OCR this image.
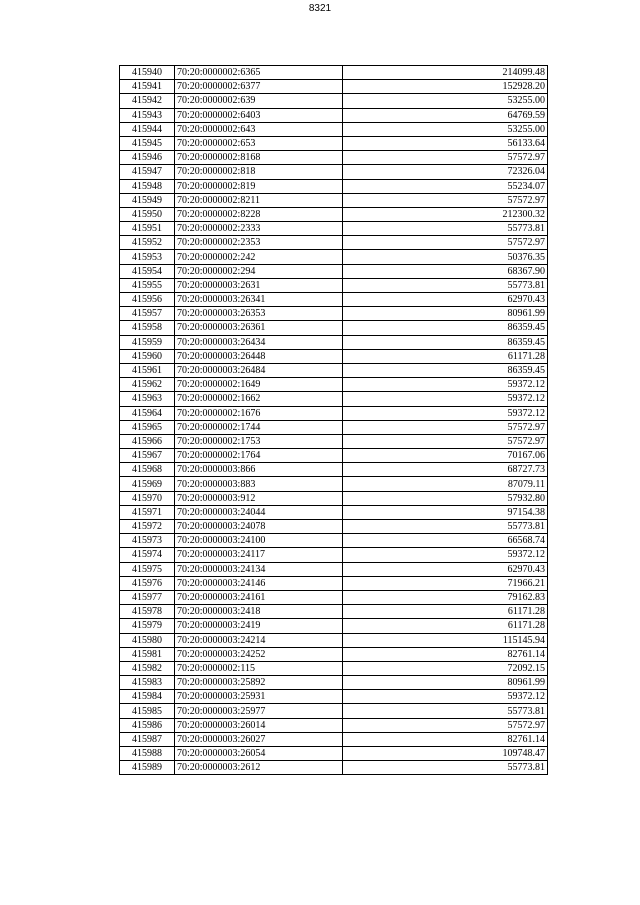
8321
415940	70:20:0000002:6365	214099.48
415941	70:20:0000002:6377	152928.20
415942	70:20:0000002:639	53255.00
415943	70:20:0000002:6403	64769.59
415944	70:20:0000002:643	53255.00
415945	70:20:0000002:653	56133.64
415946	70:20:0000002:8168	57572.97
415947	70:20:0000002:818	72326.04
415948	70:20:0000002:819	55234.07
415949	70:20:0000002:8211	57572.97
415950	70:20:0000002:8228	212300.32
415951	70:20:0000002:2333	55773.81
415952	70:20:0000002:2353	57572.97
415953	70:20:0000002:242	50376.35
415954	70:20:0000002:294	68367.90
415955	70:20:0000003:2631	55773.81
415956	70:20:0000003:26341	62970.43
415957	70:20:0000003:26353	80961.99
415958	70:20:0000003:26361	86359.45
415959	70:20:0000003:26434	86359.45
415960	70:20:0000003:26448	61171.28
415961	70:20:0000003:26484	86359.45
415962	70:20:0000002:1649	59372.12
415963	70:20:0000002:1662	59372.12
415964	70:20:0000002:1676	59372.12
415965	70:20:0000002:1744	57572.97
415966	70:20:0000002:1753	57572.97
415967	70:20:0000002:1764	70167.06
415968	70:20:0000003:866	68727.73
415969	70:20:0000003:883	87079.11
415970	70:20:0000003:912	57932.80
415971	70:20:0000003:24044	97154.38
415972	70:20:0000003:24078	55773.81
415973	70:20:0000003:24100	66568.74
415974	70:20:0000003:24117	59372.12
415975	70:20:0000003:24134	62970.43
415976	70:20:0000003:24146	71966.21
415977	70:20:0000003:24161	79162.83
415978	70:20:0000003:2418	61171.28
415979	70:20:0000003:2419	61171.28
415980	70:20:0000003:24214	115145.94
415981	70:20:0000003:24252	82761.14
415982	70:20:0000002:115	72092.15
415983	70:20:0000003:25892	80961.99
415984	70:20:0000003:25931	59372.12
415985	70:20:0000003:25977	55773.81
415986	70:20:0000003:26014	57572.97
415987	70:20:0000003:26027	82761.14
415988	70:20:0000003:26054	109748.47
415989	70:20:0000003:2612	55773.81
